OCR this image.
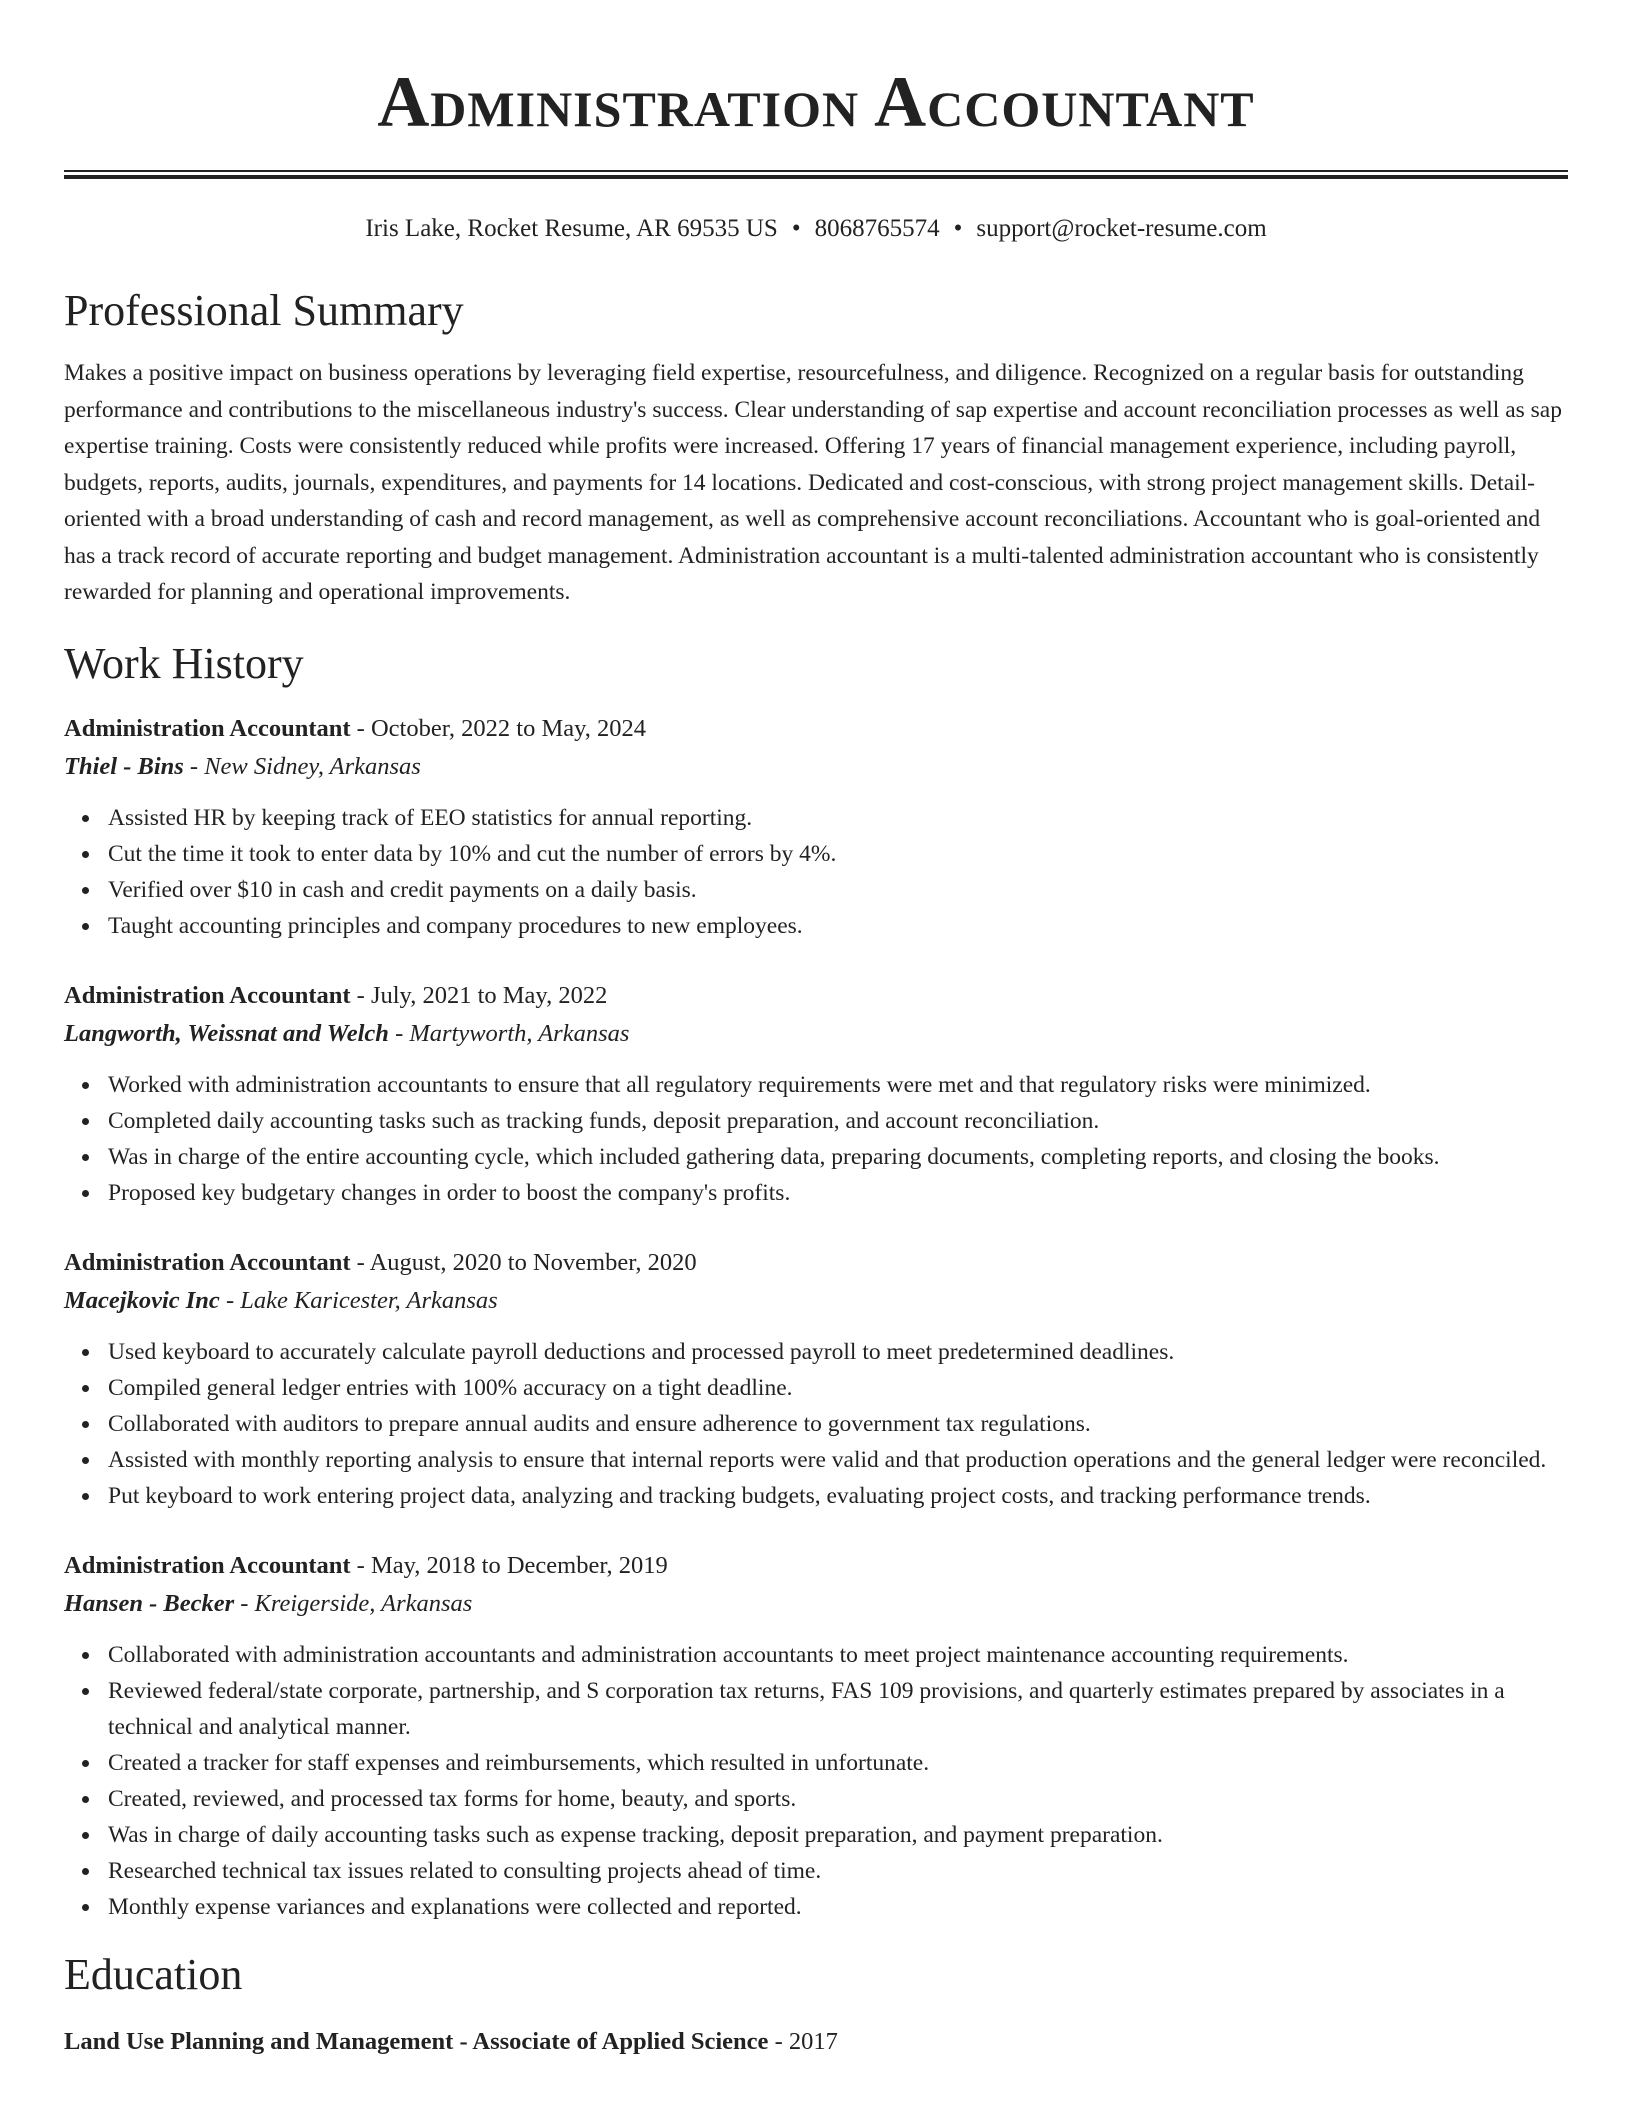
Administration Accountant
Iris Lake, Rocket Resume, AR 69535 US • 8068765574 • support@rocket-resume.com
Professional Summary

Makes a positive impact on business operations by leveraging field expertise, resourcefulness, and diligence. Recognized on a regular basis for outstanding performance and contributions to the miscellaneous industry's success. Clear understanding of sap expertise and account reconciliation processes as well as sap expertise training. Costs were consistently reduced while profits were increased. Offering 17 years of financial management experience, including payroll, budgets, reports, audits, journals, expenditures, and payments for 14 locations. Dedicated and cost-conscious, with strong project management skills. Detail-oriented with a broad understanding of cash and record management, as well as comprehensive account reconciliations. Accountant who is goal-oriented and has a track record of accurate reporting and budget management. Administration accountant is a multi-talented administration accountant who is consistently rewarded for planning and operational improvements.

Work History
Administration Accountant - October, 2022 to May, 2024
Thiel - Bins - New Sidney, Arkansas
Assisted HR by keeping track of EEO statistics for annual reporting.
Cut the time it took to enter data by 10% and cut the number of errors by 4%.
Verified over $10 in cash and credit payments on a daily basis.
Taught accounting principles and company procedures to new employees.
Administration Accountant - July, 2021 to May, 2022
Langworth, Weissnat and Welch - Martyworth, Arkansas
Worked with administration accountants to ensure that all regulatory requirements were met and that regulatory risks were minimized.
Completed daily accounting tasks such as tracking funds, deposit preparation, and account reconciliation.
Was in charge of the entire accounting cycle, which included gathering data, preparing documents, completing reports, and closing the books.
Proposed key budgetary changes in order to boost the company's profits.
Administration Accountant - August, 2020 to November, 2020
Macejkovic Inc - Lake Karicester, Arkansas
Used keyboard to accurately calculate payroll deductions and processed payroll to meet predetermined deadlines.
Compiled general ledger entries with 100% accuracy on a tight deadline.
Collaborated with auditors to prepare annual audits and ensure adherence to government tax regulations.
Assisted with monthly reporting analysis to ensure that internal reports were valid and that production operations and the general ledger were reconciled.
Put keyboard to work entering project data, analyzing and tracking budgets, evaluating project costs, and tracking performance trends.
Administration Accountant - May, 2018 to December, 2019
Hansen - Becker - Kreigerside, Arkansas
Collaborated with administration accountants and administration accountants to meet project maintenance accounting requirements.
Reviewed federal/state corporate, partnership, and S corporation tax returns, FAS 109 provisions, and quarterly estimates prepared by associates in a technical and analytical manner.
Created a tracker for staff expenses and reimbursements, which resulted in unfortunate.
Created, reviewed, and processed tax forms for home, beauty, and sports.
Was in charge of daily accounting tasks such as expense tracking, deposit preparation, and payment preparation.
Researched technical tax issues related to consulting projects ahead of time.
Monthly expense variances and explanations were collected and reported.
Education
Land Use Planning and Management - Associate of Applied Science - 2017
